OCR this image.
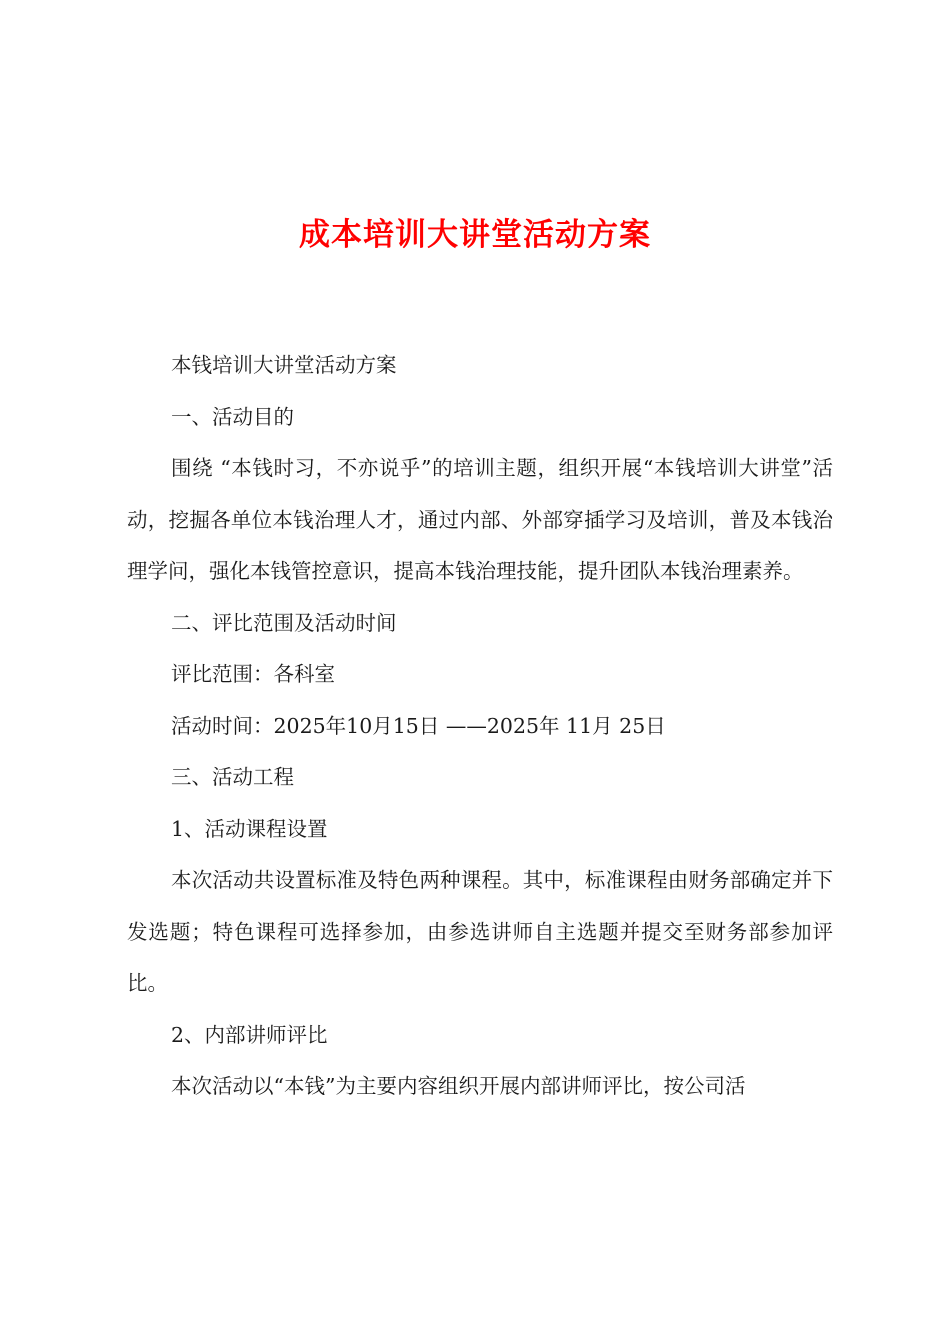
成本培训大讲堂活动方案

本钱培训大讲堂活动方案

一、活动目的

围绕 “本钱时习，不亦说乎”的培训主题，组织开展“本钱培训大讲堂”活动，挖掘各单位本钱治理人才，通过内部、外部穿插学习及培训，普及本钱治理学问，强化本钱管控意识，提高本钱治理技能，提升团队本钱治理素养。

二、评比范围及活动时间

评比范围：各科室

活动时间：2025年10月15日 ——2025年 11月 25日

三、活动工程

1、活动课程设置

本次活动共设置标准及特色两种课程。其中，标准课程由财务部确定并下发选题；特色课程可选择参加，由参选讲师自主选题并提交至财务部参加评比。

2、内部讲师评比

本次活动以“本钱”为主要内容组织开展内部讲师评比，按公司活
